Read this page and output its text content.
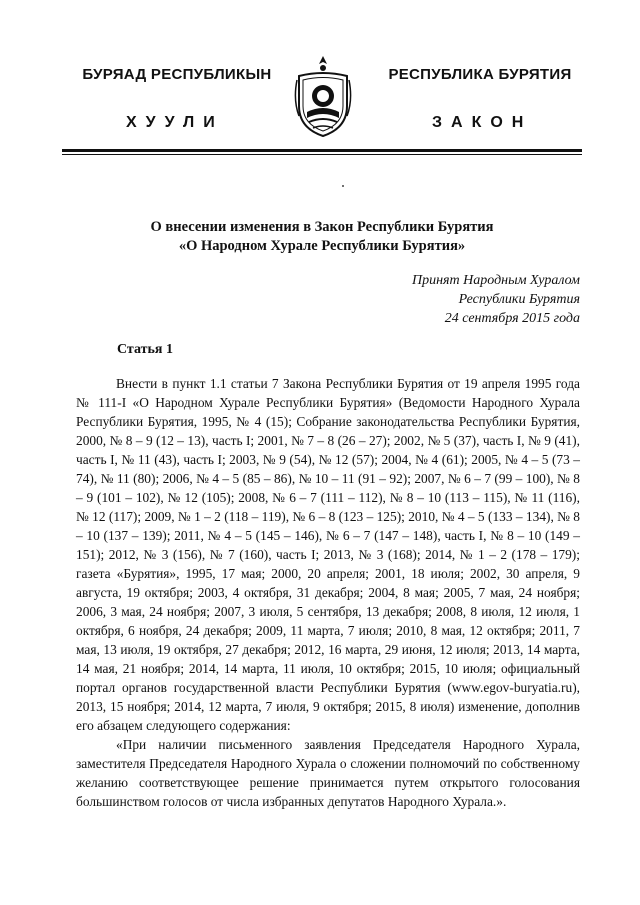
БУРЯАД РЕСПУБЛИКЫН
ХУУЛИ
РЕСПУБЛИКА БУРЯТИЯ
ЗАКОН
О внесении изменения в Закон Республики Бурятия
«О Народном Хурале Республики Бурятия»
Принят Народным Хуралом
Республики Бурятия
24 сентября 2015 года
Статья 1

Внести в пункт 1.1 статьи 7 Закона Республики Бурятия от 19 апреля 1995 года № 111-I «О Народном Хурале Республики Бурятия» (Ведомости Народного Хурала Республики Бурятия, 1995, № 4 (15); Собрание законодательства Республики Бурятия, 2000, № 8 – 9 (12 – 13), часть I; 2001, № 7 – 8 (26 – 27); 2002, № 5 (37), часть I, № 9 (41), часть I, № 11 (43), часть I; 2003, № 9 (54), № 12 (57); 2004, № 4 (61); 2005, № 4 – 5 (73 – 74), № 11 (80); 2006, № 4 – 5 (85 – 86), № 10 – 11 (91 – 92); 2007, № 6 – 7 (99 – 100), № 8 – 9 (101 – 102), № 12 (105); 2008, № 6 – 7 (111 – 112), № 8 – 10 (113 – 115), № 11 (116), № 12 (117); 2009, № 1 – 2 (118 – 119), № 6 – 8 (123 – 125); 2010, № 4 – 5 (133 – 134), № 8 – 10 (137 – 139); 2011, № 4 – 5 (145 – 146), № 6 – 7 (147 – 148), часть I, № 8 – 10 (149 – 151); 2012, № 3 (156), № 7 (160), часть I; 2013, № 3 (168); 2014, № 1 – 2 (178 – 179); газета «Бурятия», 1995, 17 мая; 2000, 20 апреля; 2001, 18 июля; 2002, 30 апреля, 9 августа, 19 октября; 2003, 4 октября, 31 декабря; 2004, 8 мая; 2005, 7 мая, 24 ноября; 2006, 3 мая, 24 ноября; 2007, 3 июля, 5 сентября, 13 декабря; 2008, 8 июля, 12 июля, 1 октября, 6 ноября, 24 декабря; 2009, 11 марта, 7 июля; 2010, 8 мая, 12 октября; 2011, 7 мая, 13 июля, 19 октября, 27 декабря; 2012, 16 марта, 29 июня, 12 июля; 2013, 14 марта, 14 мая, 21 ноября; 2014, 14 марта, 11 июля, 10 октября; 2015, 10 июля; официальный портал органов государственной власти Республики Бурятия (www.egov-buryatia.ru), 2013, 15 ноября; 2014, 12 марта, 7 июля, 9 октября; 2015, 8 июля) изменение, дополнив его абзацем следующего содержания:

«При наличии письменного заявления Председателя Народного Хурала, заместителя Председателя Народного Хурала о сложении полномочий по собственному желанию соответствующее решение принимается путем открытого голосования большинством голосов от числа избранных депутатов Народного Хурала.».
